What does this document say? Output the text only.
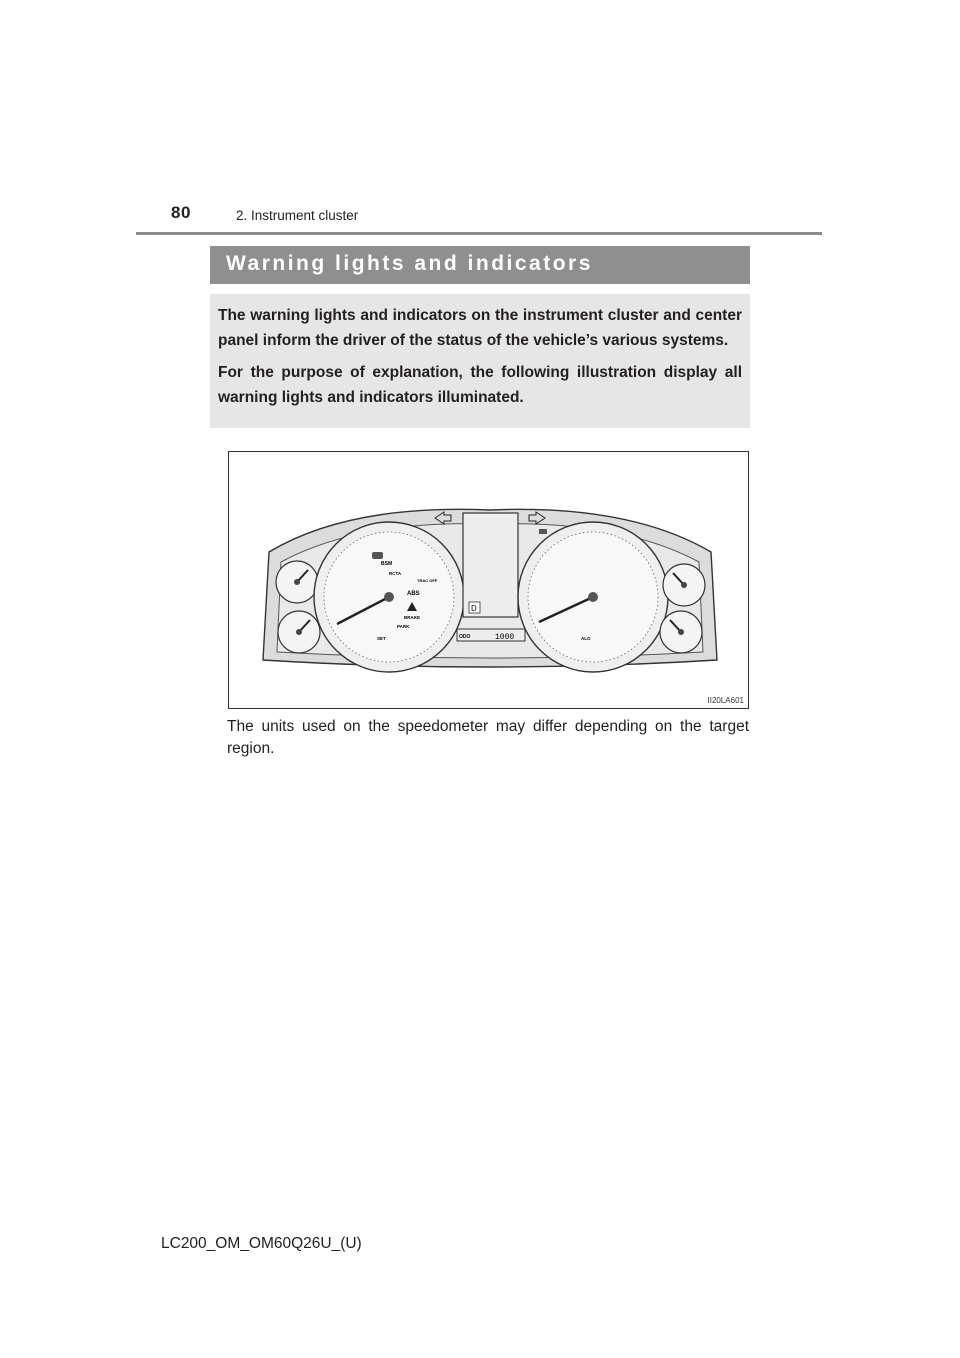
80	2. Instrument cluster
Warning lights and indicators

The warning lights and indicators on the instrument cluster and center panel inform the driver of the status of the vehicle’s various systems.

For the purpose of explanation, the following illustration display all warning lights and indicators illuminated.

BSM
RCTA
TRAC OFF
ABS
BRAKE
PARK
SET
D
ODO	1000	ALO
II20LA601
The units used on the speedometer may differ depending on the target region.
LC200_OM_OM60Q26U_(U)
